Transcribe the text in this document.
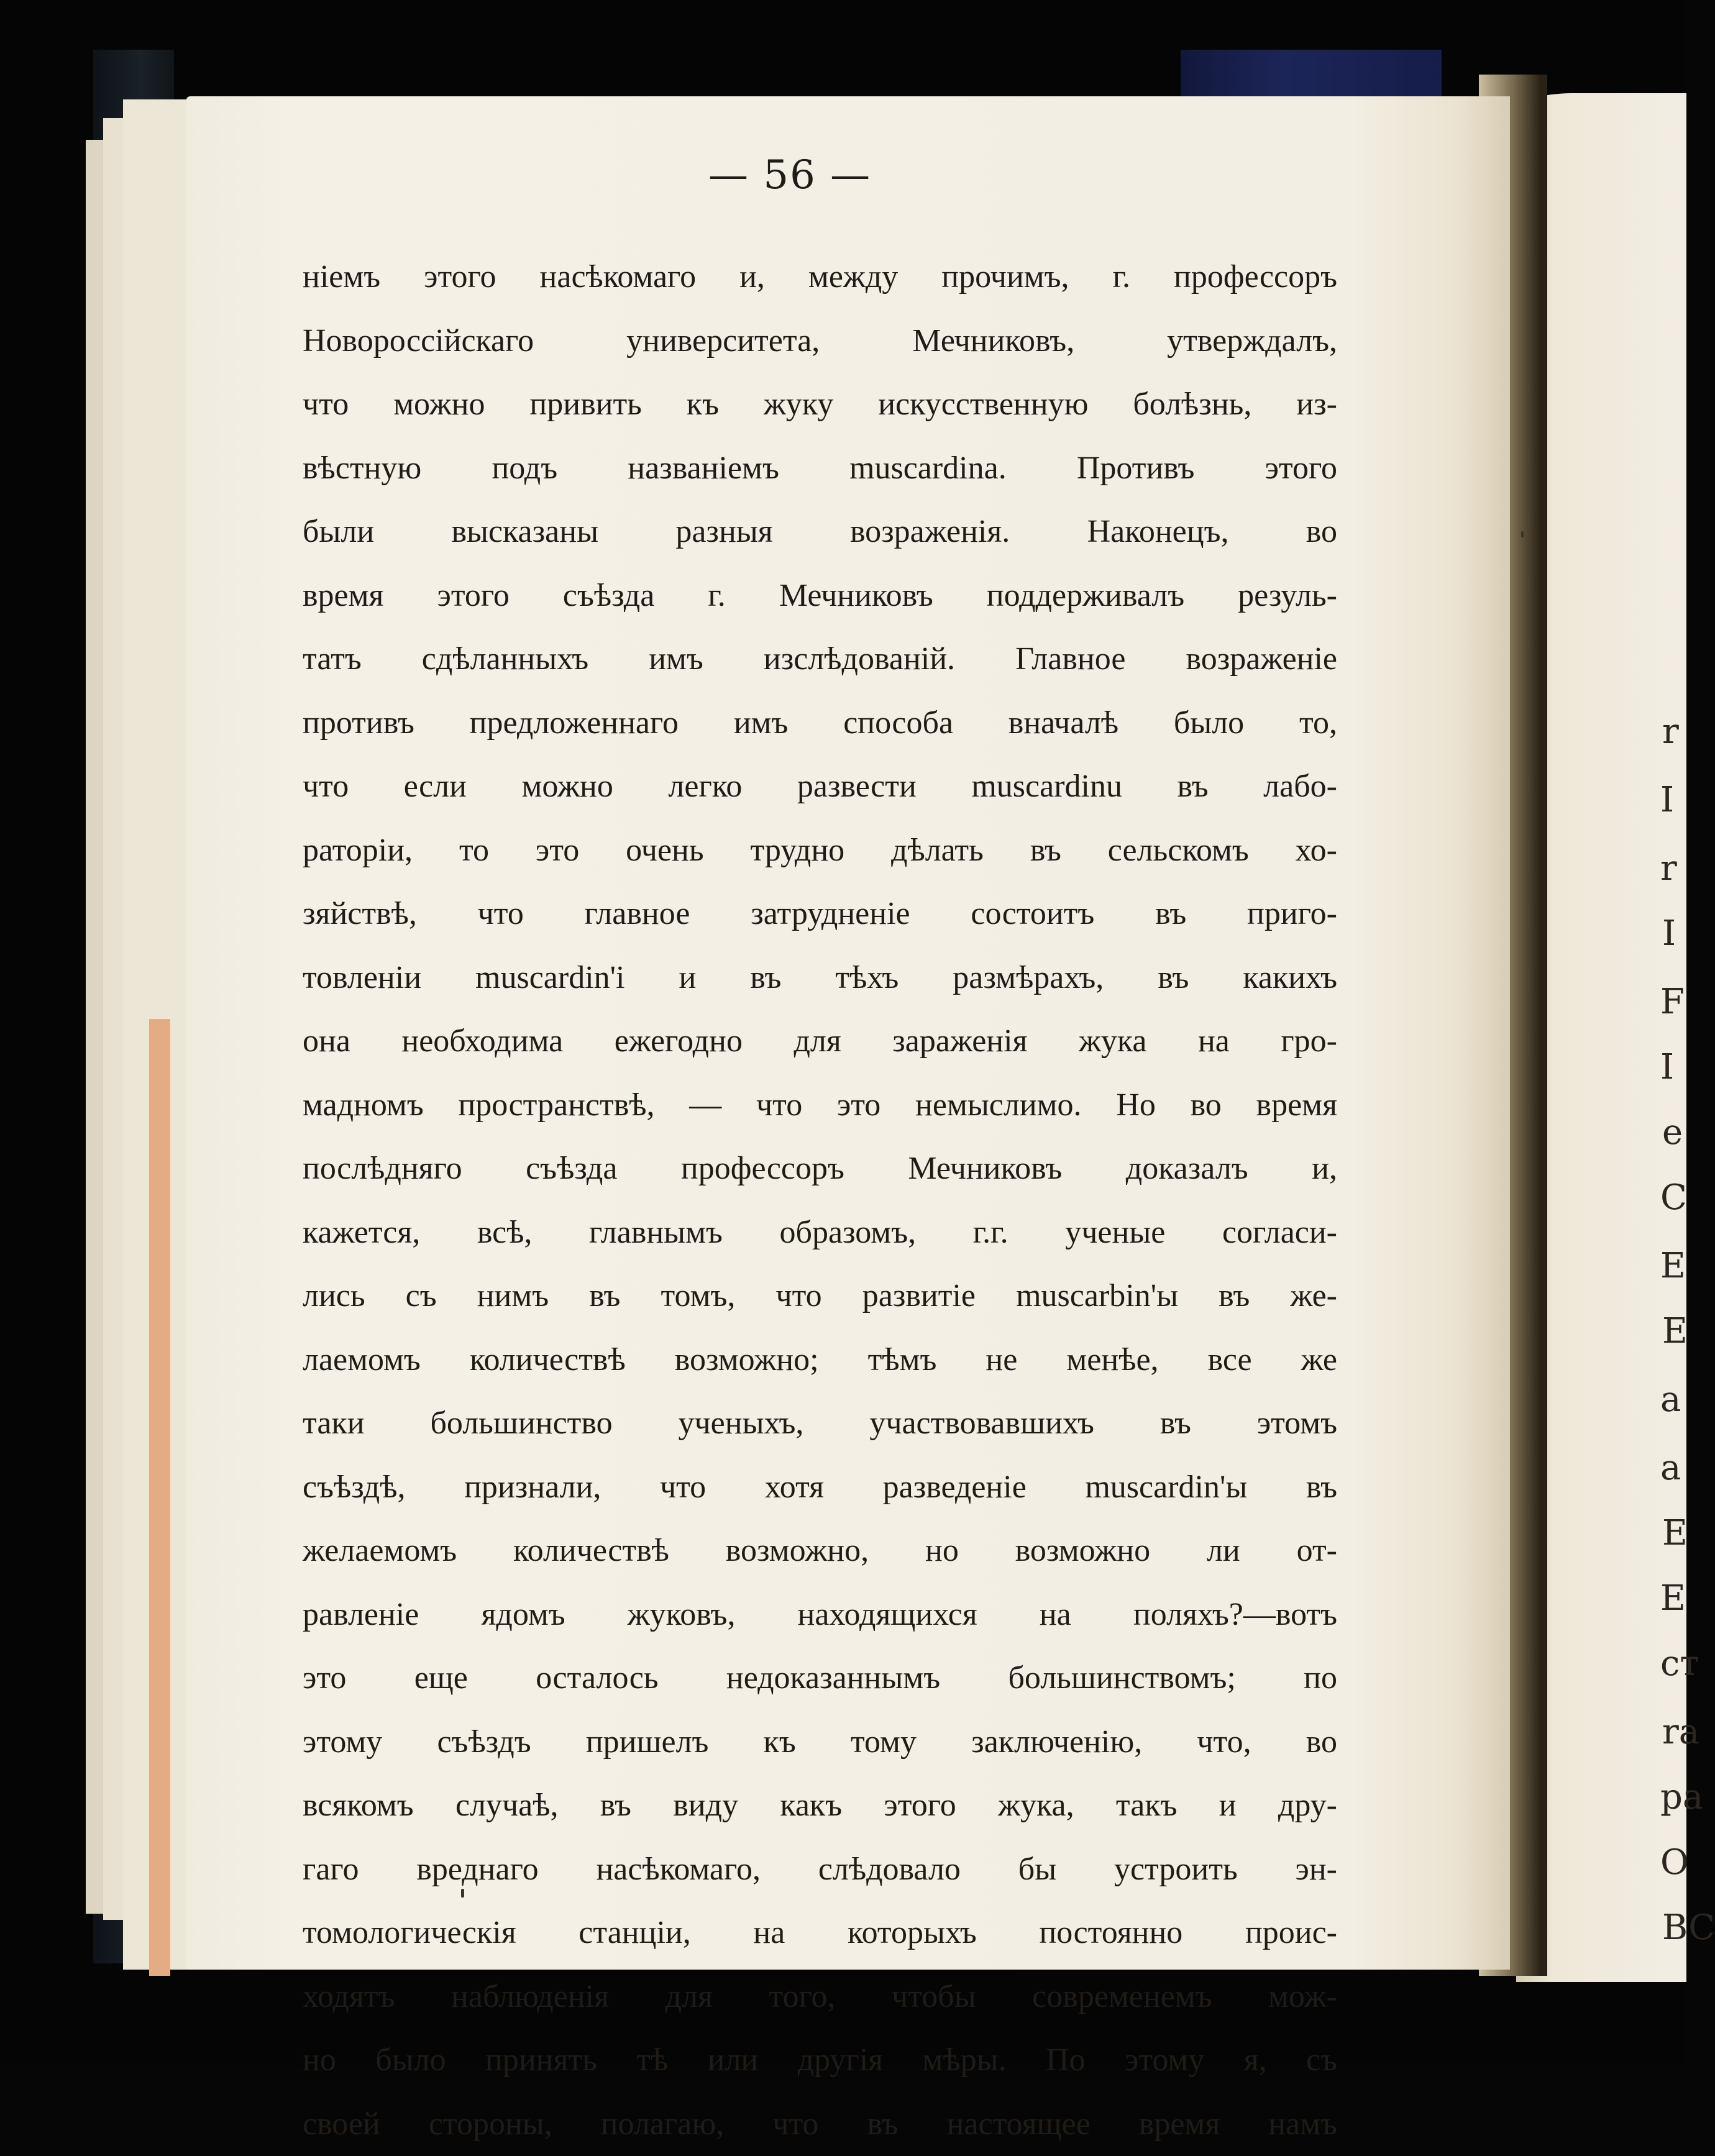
r
I
r
I
F
I
e
C
E
E
a
a
E
E
ст
ra
pa
O
BC
— 56 —
ніемъ этого насѣкомаго и, между прочимъ, г. профессоръ
Новороссійскаго университета, Мечниковъ, утверждалъ,
что можно привить къ жуку искусственную болѣзнь, из-
вѣстную подъ названіемъ muscardina. Противъ этого
были высказаны разныя возраженія. Наконецъ, во
время этого съѣзда г. Мечниковъ поддерживалъ резуль-
татъ сдѣланныхъ имъ изслѣдованій. Главное возраженіе
противъ предложеннаго имъ способа вначалѣ было то,
что если можно легко развести muscardinu въ лабо-
раторіи, то это очень трудно дѣлать въ сельскомъ хо-
зяйствѣ, что главное затрудненіе состоитъ въ приго-
товленіи muscardin'i и въ тѣхъ размѣрахъ, въ какихъ
она необходима ежегодно для зараженія жука на гро-
мадномъ пространствѣ, — что это немыслимо. Но во время
послѣдняго съѣзда профессоръ Мечниковъ доказалъ и,
кажется, всѣ, главнымъ образомъ, г.г. ученые согласи-
лись съ нимъ въ томъ, что развитіе muscarbin'ы въ же-
лаемомъ количествѣ возможно; тѣмъ не менѣе, все же
таки большинство ученыхъ, участвовавшихъ въ этомъ
съѣздѣ, признали, что хотя разведеніе muscardin'ы въ
желаемомъ количествѣ возможно, но возможно ли от-
равленіе ядомъ жуковъ, находящихся на поляхъ?—вотъ
это еще осталось недоказаннымъ большинствомъ; по
этому съѣздъ пришелъ къ тому заключенію, что, во
всякомъ случаѣ, въ виду какъ этого жука, такъ и дру-
гаго вреднаго насѣкомаго, слѣдовало бы устроить эн-
томологическія станціи, на которыхъ постоянно проис-
ходятъ наблюденія для того, чтобы современемъ мож-
но было принять тѣ или другія мѣры. По этому я, съ
своей стороны, полагаю, что въ настоящее время намъ
